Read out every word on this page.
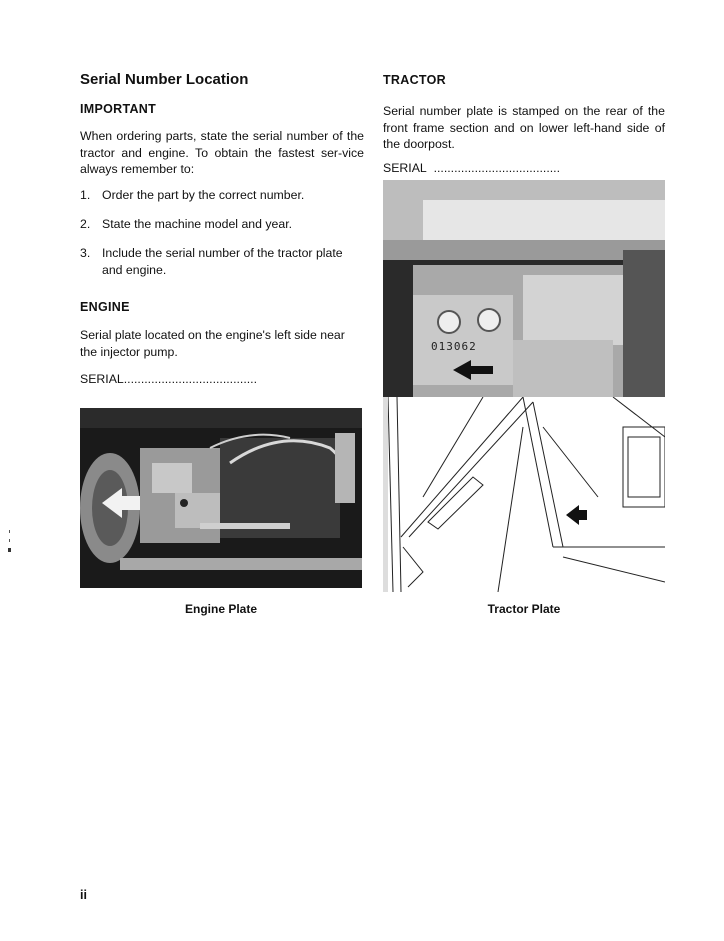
Serial Number Location
IMPORTANT
When ordering parts, state the serial number of the tractor and engine. To obtain the fastest ser-vice always remember to:
1. Order the part by the correct number.
2. State the machine model and year.
3. Include the serial number of the tractor plate and engine.
ENGINE
Serial plate located on the engine's left side near the injector pump.
SERIAL.......................................
Engine Plate
TRACTOR
Serial number plate is stamped on the rear of the front frame section and on lower left-hand side of the doorpost.
SERIAL .....................................
013062
Tractor Plate
ii
